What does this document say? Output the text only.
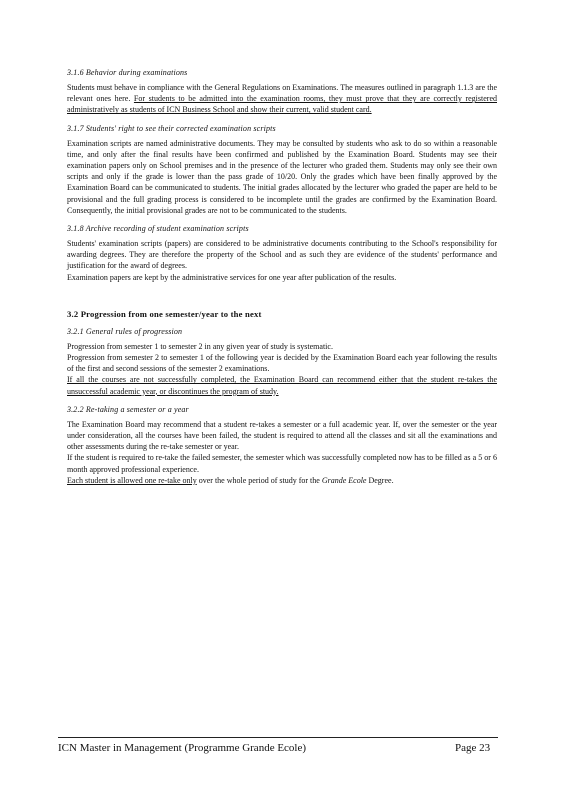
3.1.6 Behavior during examinations

Students must behave in compliance with the General Regulations on Examinations. The measures outlined in paragraph 1.1.3 are the relevant ones here. For students to be admitted into the examination rooms, they must prove that they are correctly registered administratively as students of ICN Business School and show their current, valid student card.

3.1.7 Students' right to see their corrected examination scripts

Examination scripts are named administrative documents. They may be consulted by students who ask to do so within a reasonable time, and only after the final results have been confirmed and published by the Examination Board. Students may see their examination papers only on School premises and in the presence of the lecturer who graded them. Students may only see their own scripts and only if the grade is lower than the pass grade of 10/20. Only the grades which have been finally approved by the Examination Board can be communicated to students. The initial grades allocated by the lecturer who graded the paper are held to be provisional and the full grading process is considered to be incomplete until the grades are confirmed by the Examination Board. Consequently, the initial provisional grades are not to be communicated to the students.

3.1.8 Archive recording of student examination scripts

Students' examination scripts (papers) are considered to be administrative documents contributing to the School's responsibility for awarding degrees. They are therefore the property of the School and as such they are evidence of the students' performance and justification for the award of degrees.

Examination papers are kept by the administrative services for one year after publication of the results.

3.2 Progression from one semester/year to the next
3.2.1 General rules of progression

Progression from semester 1 to semester 2 in any given year of study is systematic.

Progression from semester 2 to semester 1 of the following year is decided by the Examination Board each year following the results of the first and second sessions of the semester 2 examinations.

If all the courses are not successfully completed, the Examination Board can recommend either that the student re-takes the unsuccessful academic year, or discontinues the program of study.

3.2.2 Re-taking a semester or a year

The Examination Board may recommend that a student re-takes a semester or a full academic year. If, over the semester or the year under consideration, all the courses have been failed, the student is required to attend all the classes and sit all the examinations and other assessments during the re-take semester or year.

If the student is required to re-take the failed semester, the semester which was successfully completed now has to be filled as a 5 or 6 month approved professional experience.

Each student is allowed one re-take only over the whole period of study for the Grande Ecole Degree.

ICN Master in Management (Programme Grande Ecole)	Page 23
